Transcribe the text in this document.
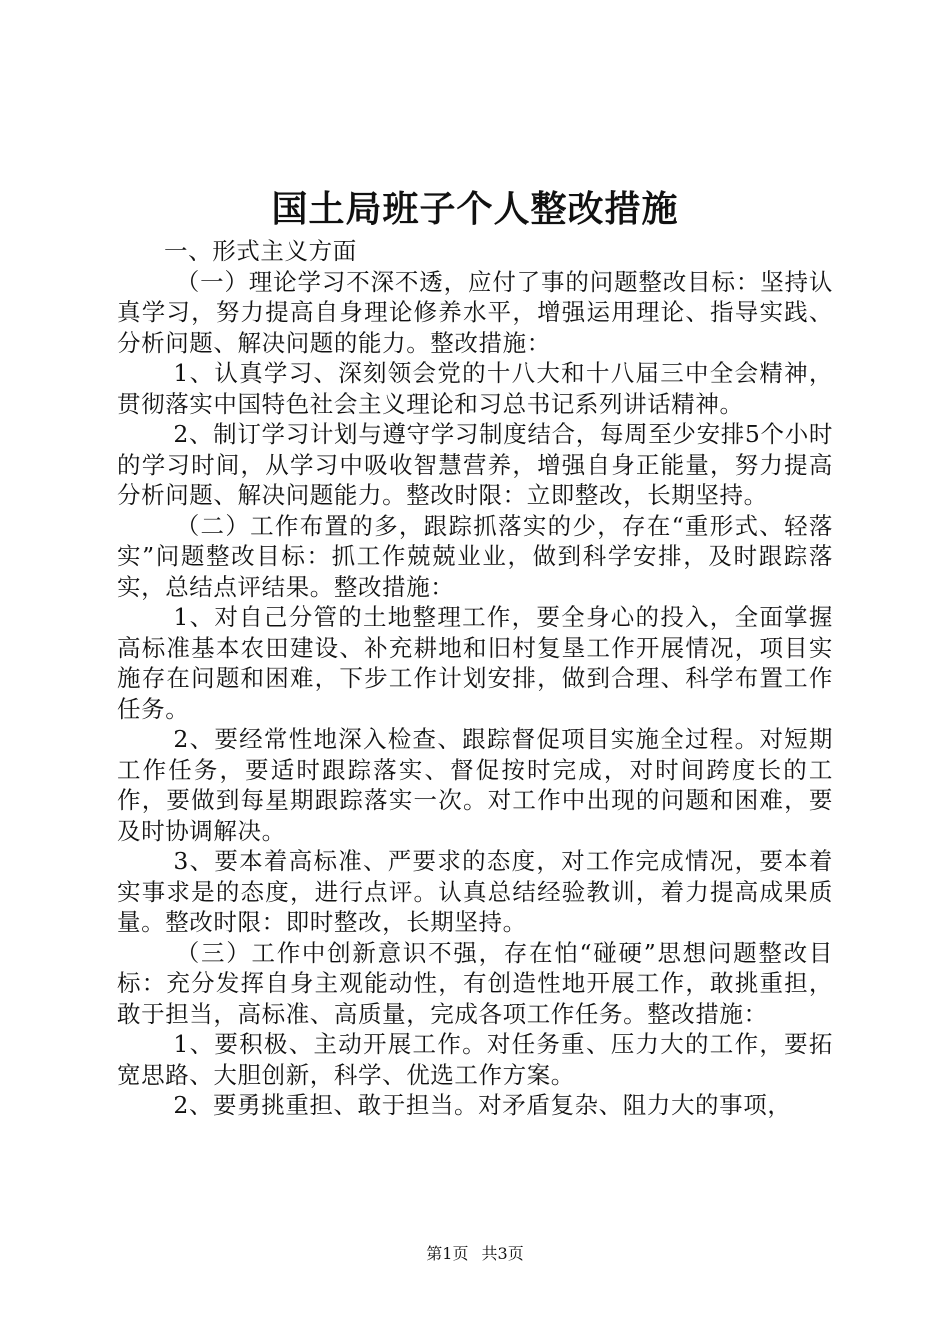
国土局班子个人整改措施

一、形式主义方面

（一）理论学习不深不透，应付了事的问题整改目标：坚持认真学习，努力提高自身理论修养水平，增强运用理论、指导实践、分析问题、解决问题的能力。整改措施：

1、认真学习、深刻领会党的十八大和十八届三中全会精神，贯彻落实中国特色社会主义理论和习总书记系列讲话精神。

2、制订学习计划与遵守学习制度结合，每周至少安排5个小时的学习时间，从学习中吸收智慧营养，增强自身正能量，努力提高分析问题、解决问题能力。整改时限：立即整改，长期坚持。

（二）工作布置的多，跟踪抓落实的少，存在“重形式、轻落实”问题整改目标：抓工作兢兢业业，做到科学安排，及时跟踪落实，总结点评结果。整改措施：

1、对自己分管的土地整理工作，要全身心的投入，全面掌握高标准基本农田建设、补充耕地和旧村复垦工作开展情况，项目实施存在问题和困难，下步工作计划安排，做到合理、科学布置工作任务。

2、要经常性地深入检查、跟踪督促项目实施全过程。对短期工作任务，要适时跟踪落实、督促按时完成，对时间跨度长的工作，要做到每星期跟踪落实一次。对工作中出现的问题和困难，要及时协调解决。

3、要本着高标准、严要求的态度，对工作完成情况，要本着实事求是的态度，进行点评。认真总结经验教训，着力提高成果质量。整改时限：即时整改，长期坚持。

（三）工作中创新意识不强，存在怕“碰硬”思想问题整改目标：充分发挥自身主观能动性，有创造性地开展工作，敢挑重担，敢于担当，高标准、高质量，完成各项工作任务。整改措施：

1、要积极、主动开展工作。对任务重、压力大的工作，要拓宽思路、大胆创新，科学、优选工作方案。

2、要勇挑重担、敢于担当。对矛盾复杂、阻力大的事项，

第1页 共3页
